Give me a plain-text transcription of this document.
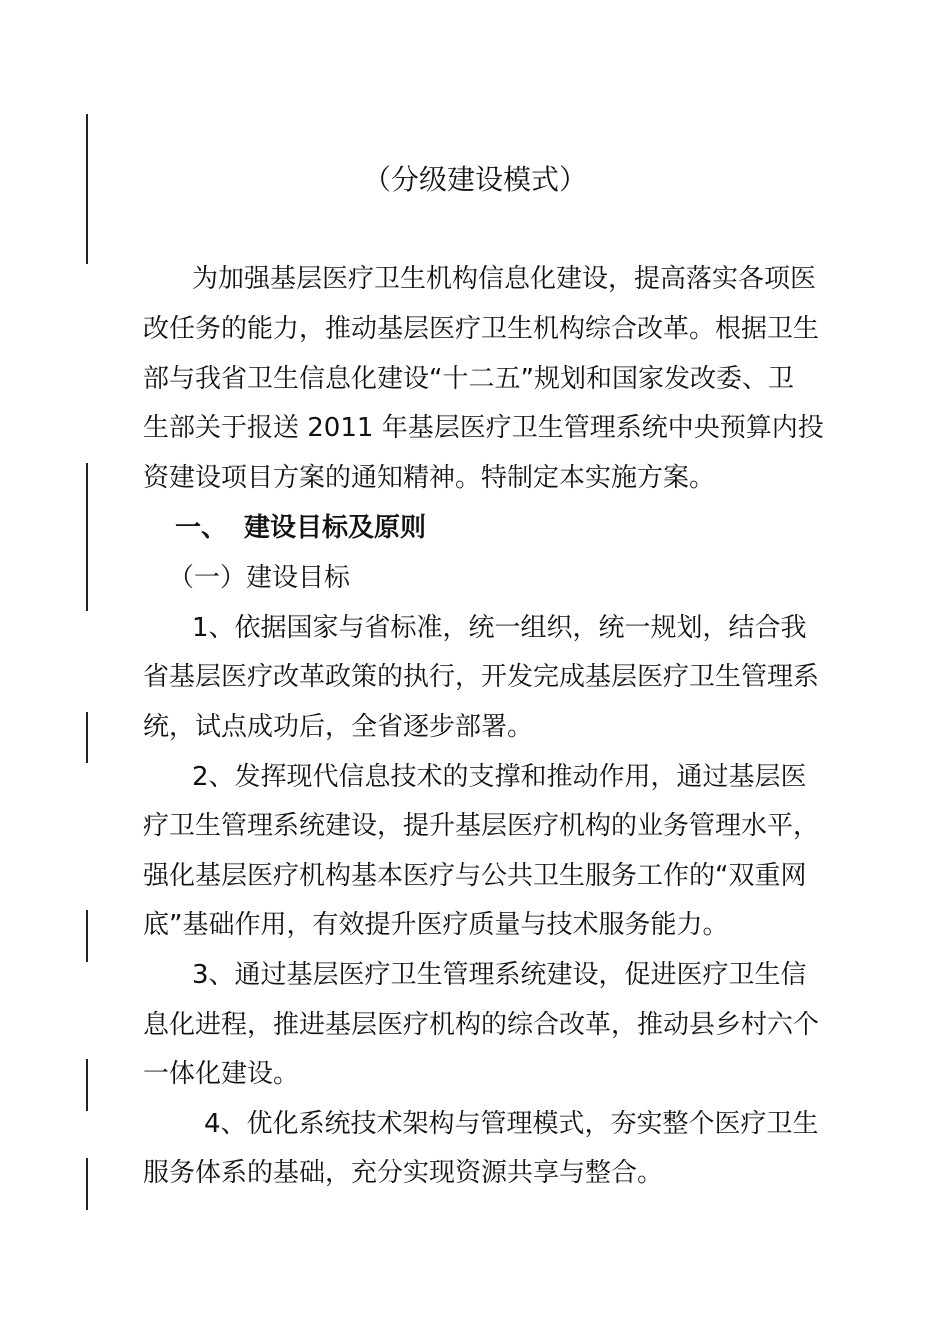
（分级建设模式）
为加强基层医疗卫生机构信息化建设，提高落实各项医
改任务的能力，推动基层医疗卫生机构综合改革。根据卫生
部与我省卫生信息化建设“十二五”规划和国家发改委、卫
生部关于报送 2011 年基层医疗卫生管理系统中央预算内投
资建设项目方案的通知精神。特制定本实施方案。
一、 建设目标及原则
（一）建设目标
1、依据国家与省标准，统一组织，统一规划，结合我
省基层医疗改革政策的执行，开发完成基层医疗卫生管理系
统，试点成功后，全省逐步部署。
2、发挥现代信息技术的支撑和推动作用，通过基层医
疗卫生管理系统建设，提升基层医疗机构的业务管理水平，
强化基层医疗机构基本医疗与公共卫生服务工作的“双重网
底”基础作用，有效提升医疗质量与技术服务能力。
3、通过基层医疗卫生管理系统建设，促进医疗卫生信
息化进程，推进基层医疗机构的综合改革，推动县乡村六个
一体化建设。
4、优化系统技术架构与管理模式，夯实整个医疗卫生
服务体系的基础，充分实现资源共享与整合。
